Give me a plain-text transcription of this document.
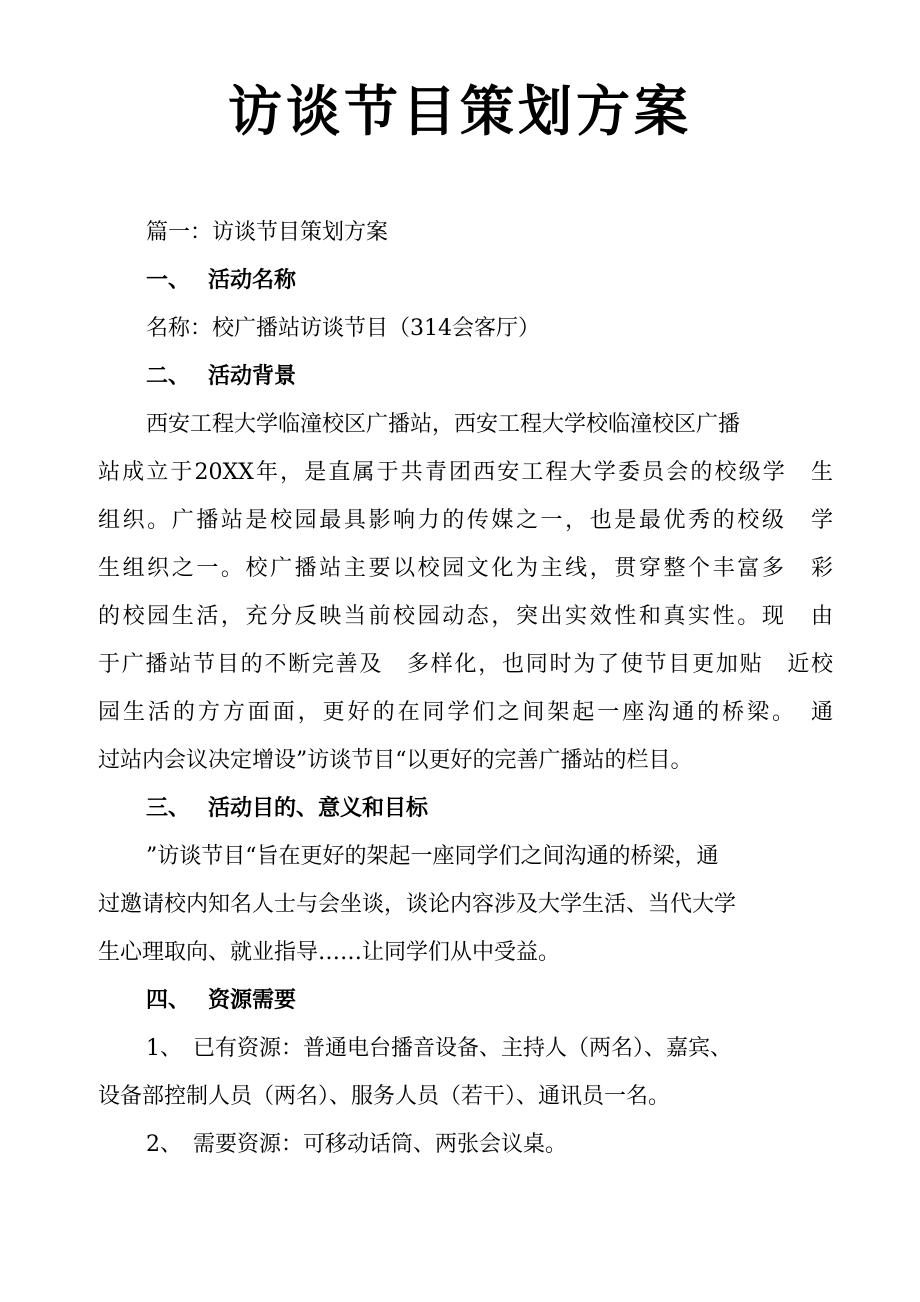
访谈节目策划方案
篇一：访谈节目策划方案
一、 活动名称
名称：校广播站访谈节目（314会客厅）
二、 活动背景
西安工程大学临潼校区广播站，西安工程大学校临潼校区广播
站成立于20XX年，是直属于共青团西安工程大学委员会的校级学　生
组织。广播站是校园最具影响力的传媒之一，也是最优秀的校级　学
生组织之一。校广播站主要以校园文化为主线，贯穿整个丰富多　彩
的校园生活，充分反映当前校园动态，突出实效性和真实性。现　由
于广播站节目的不断完善及　多样化，也同时为了使节目更加贴　近校
园生活的方方面面，更好的在同学们之间架起一座沟通的桥梁。　通
过站内会议决定增设”访谈节目“以更好的完善广播站的栏目。
三、 活动目的、意义和目标
”访谈节目“旨在更好的架起一座同学们之间沟通的桥梁，通
过邀请校内知名人士与会坐谈，谈论内容涉及大学生活、当代大学
生心理取向、就业指导……让同学们从中受益。
四、 资源需要
1、　已有资源：普通电台播音设备、主持人（两名）、嘉宾、
设备部控制人员（两名）、服务人员（若干）、通讯员一名。
2、　需要资源：可移动话筒、两张会议桌。
